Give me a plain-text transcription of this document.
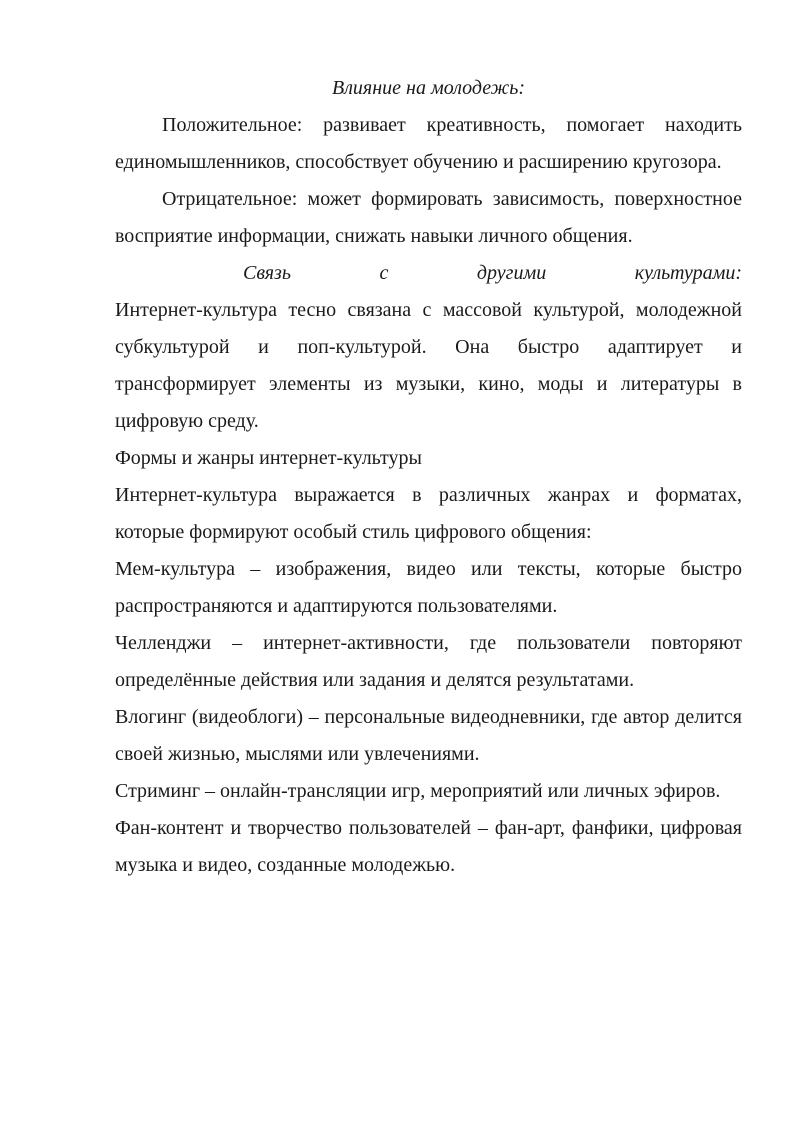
Влияние на молодежь:

Положительное: развивает креативность, помогает находить единомышленников, способствует обучению и расширению кругозора.

Отрицательное: может формировать зависимость, поверхностное восприятие информации, снижать навыки личного общения.

Связь с другими культурами:

Интернет-культура тесно связана с массовой культурой, молодежной субкультурой и поп-культурой. Она быстро адаптирует и трансформирует элементы из музыки, кино, моды и литературы в цифровую среду.

Формы и жанры интернет-культуры

Интернет-культура выражается в различных жанрах и форматах, которые формируют особый стиль цифрового общения:

Мем-культура – изображения, видео или тексты, которые быстро распространяются и адаптируются пользователями.

Челленджи – интернет-активности, где пользователи повторяют определённые действия или задания и делятся результатами.

Влогинг (видеоблоги) – персональные видеодневники, где автор делится своей жизнью, мыслями или увлечениями.

Стриминг – онлайн-трансляции игр, мероприятий или личных эфиров.

Фан-контент и творчество пользователей – фан-арт, фанфики, цифровая музыка и видео, созданные молодежью.
